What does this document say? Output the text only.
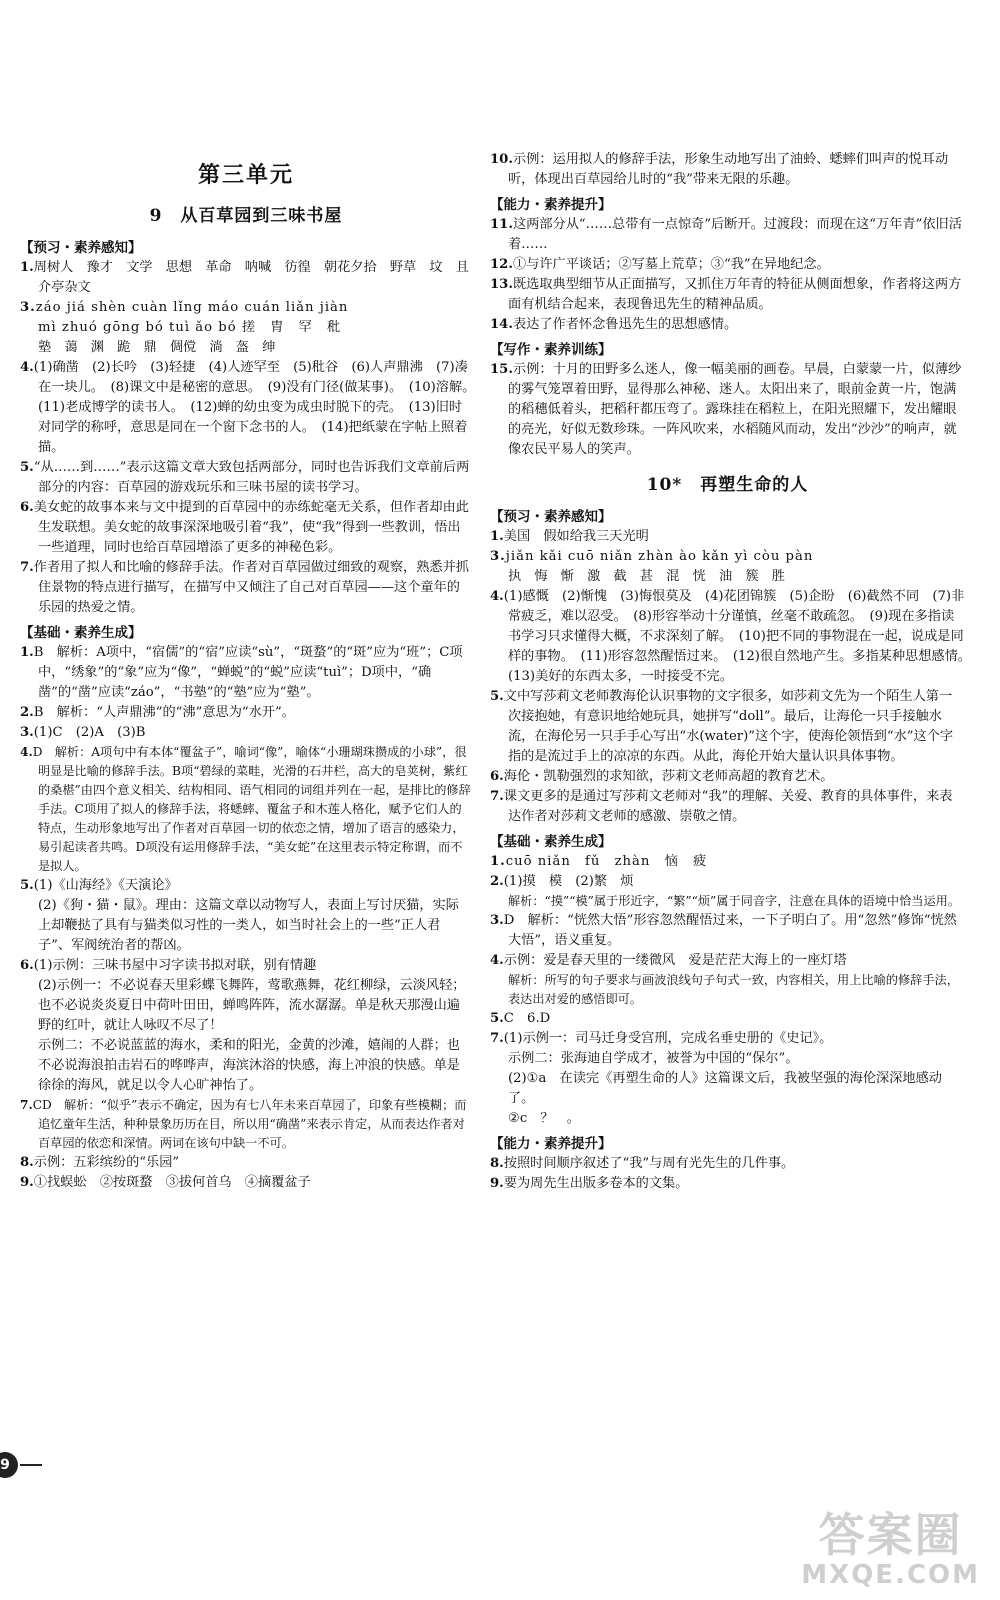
第三单元
9　从百草园到三味书屋
【预习・素养感知】

1.周树人　豫才　文学　思想　革命　呐喊　彷徨　朝花夕拾　野草　坟　且介亭杂文

3.záo jiá shèn cuàn lǐng máo cuán liǎn jiàn

mì zhuó gōng bó tuì ǎo bó 搓　胄　罕　秕

塾　蔼　渊　跪　鼎　倜傥　淌　盔　绅

4.(1)确凿　(2)长吟　(3)轻捷　(4)人迹罕至　(5)秕谷　(6)人声鼎沸　(7)凑在一块儿。　(8)课文中是秘密的意思。　(9)没有门径(做某事)。　(10)溶解。　(11)老成博学的读书人。　(12)蝉的幼虫变为成虫时脱下的壳。　(13)旧时对同学的称呼，意思是同在一个窗下念书的人。　(14)把纸蒙在字帖上照着描。

5.“从……到……”表示这篇文章大致包括两部分，同时也告诉我们文章前后两部分的内容：百草园的游戏玩乐和三味书屋的读书学习。

6.美女蛇的故事本来与文中提到的百草园中的赤练蛇毫无关系，但作者却由此生发联想。美女蛇的故事深深地吸引着“我”，使“我”得到一些教训，悟出一些道理，同时也给百草园增添了更多的神秘色彩。

7.作者用了拟人和比喻的修辞手法。作者对百草园做过细致的观察，熟悉并抓住景物的特点进行描写，在描写中又倾注了自己对百草园——这个童年的乐园的热爱之情。

【基础・素养生成】

1.B　解析：A项中，“宿儒”的“宿”应读“sù”，“斑蝥”的“斑”应为“班”；C项中，“绣象”的“象”应为“像”，“蝉蜕”的“蜕”应读“tuì”；D项中，“确凿”的“凿”应读“záo”，“书塾”的“塾”应为“塾”。

2.B　解析：“人声鼎沸”的“沸”意思为“水开”。

3.(1)C　(2)A　(3)B

4.D　解析：A项句中有本体“覆盆子”，喻词“像”，喻体“小珊瑚珠攒成的小球”，很明显是比喻的修辞手法。B项“碧绿的菜畦，光滑的石井栏，高大的皂荚树，紫红的桑椹”由四个意义相关、结构相同、语气相同的词组并列在一起，是排比的修辞手法。C项用了拟人的修辞手法，将蟋蟀、覆盆子和木莲人格化，赋予它们人的特点，生动形象地写出了作者对百草园一切的依恋之情，增加了语言的感染力，易引起读者共鸣。D项没有运用修辞手法，“美女蛇”在这里表示特定称谓，而不是拟人。

5.(1)《山海经》《天演论》

(2)《狗・猫・鼠》。理由：这篇文章以动物写人，表面上写讨厌猫，实际上却鞭挞了具有与猫类似习性的一类人，如当时社会上的一些“正人君子”、军阀统治者的帮凶。

6.(1)示例：三味书屋中习字读书拟对联，别有情趣

(2)示例一：不必说春天里彩蝶飞舞阵，莺歌燕舞，花红柳绿，云淡风轻；也不必说炎炎夏日中荷叶田田，蝉鸣阵阵，流水潺潺。单是秋天那漫山遍野的红叶，就让人咏叹不尽了！

示例二：不必说蓝蓝的海水，柔和的阳光，金黄的沙滩，嬉闹的人群；也不必说海浪拍击岩石的哗哗声，海滨沐浴的快感，海上冲浪的快感。单是徐徐的海风，就足以令人心旷神怡了。

7.CD　解析：“似乎”表示不确定，因为有七八年未来百草园了，印象有些模糊；而追忆童年生活，种种景象历历在目，所以用“确凿”来表示肯定，从而表达作者对百草园的依恋和深情。两词在该句中缺一不可。

8.示例：五彩缤纷的“乐园”

9.①找蜈蚣　②按斑蝥　③拔何首乌　④摘覆盆子

10.示例：运用拟人的修辞手法，形象生动地写出了油蛉、蟋蟀们叫声的悦耳动听，体现出百草园给儿时的“我”带来无限的乐趣。

【能力・素养提升】

11.这两部分从“……总带有一点惊奇”后断开。过渡段：而现在这“万年青”依旧活着……

12.①与许广平谈话；②写墓上荒草；③“我”在异地纪念。

13.既选取典型细节从正面描写，又抓住万年青的特征从侧面想象，作者将这两方面有机结合起来，表现鲁迅先生的精神品质。

14.表达了作者怀念鲁迅先生的思想感情。

【写作・素养训练】

15.示例：十月的田野多么迷人，像一幅美丽的画卷。早晨，白蒙蒙一片，似薄纱的雾气笼罩着田野，显得那么神秘、迷人。太阳出来了，眼前金黄一片，饱满的稻穗低着头，把稻秆都压弯了。露珠挂在稻粒上，在阳光照耀下，发出耀眼的亮光，好似无数珍珠。一阵风吹来，水稻随风而动，发出“沙沙”的响声，就像农民平易人的笑声。

10*　再塑生命的人
【预习・素养感知】

1.美国　假如给我三天光明

3.jiǎn kǎi cuō niǎn zhàn ào kǎn yì còu pàn

执　悔　惭　激　截　甚　混　恍　油　簇　胜

4.(1)感慨　(2)惭愧　(3)悔恨莫及　(4)花团锦簇　(5)企盼　(6)截然不同　(7)非常疲乏，难以忍受。　(8)形容举动十分谨慎，丝毫不敢疏忽。　(9)现在多指读书学习只求懂得大概，不求深刻了解。　(10)把不同的事物混在一起，说成是同样的事物。　(11)形容忽然醒悟过来。　(12)很自然地产生。多指某种思想感情。　(13)美好的东西太多，一时接受不完。

5.文中写莎莉文老师教海伦认识事物的文字很多，如莎莉文先为一个陌生人第一次接抱她，有意识地给她玩具，她拼写“doll”。最后，让海伦一只手接触水流，在海伦另一只手手心写出“水(water)”这个字，使海伦领悟到“水”这个字指的是流过手上的凉凉的东西。从此，海伦开始大量认识具体事物。

6.海伦・凯勒强烈的求知欲，莎莉文老师高超的教育艺术。

7.课文更多的是通过写莎莉文老师对“我”的理解、关爱、教育的具体事件，来表达作者对莎莉文老师的感激、崇敬之情。

【基础・素养生成】

1.cuō niǎn　fǔ　zhàn　恼　疲

2.(1)摸　模　(2)繁　烦

解析：“摸”“模”属于形近字，“繁”“烦”属于同音字，注意在具体的语境中恰当运用。

3.D　解析：“恍然大悟”形容忽然醒悟过来，一下子明白了。用“忽然”修饰“恍然大悟”，语义重复。

4.示例：爱是春天里的一缕微风　爱是茫茫大海上的一座灯塔

解析：所写的句子要求与画波浪线句子句式一致，内容相关，用上比喻的修辞手法，表达出对爱的感悟即可。

5.C　6.D

7.(1)示例一：司马迁身受宫刑，完成名垂史册的《史记》。

示例二：张海迪自学成才，被誉为中国的“保尔”。

(2)①a　在读完《再塑生命的人》这篇课文后，我被坚强的海伦深深地感动了。

②c　？　。

【能力・素养提升】

8.按照时间顺序叙述了“我”与周有光先生的几件事。

9.要为周先生出版多卷本的文集。

9
答案圈
MXQE.COM
